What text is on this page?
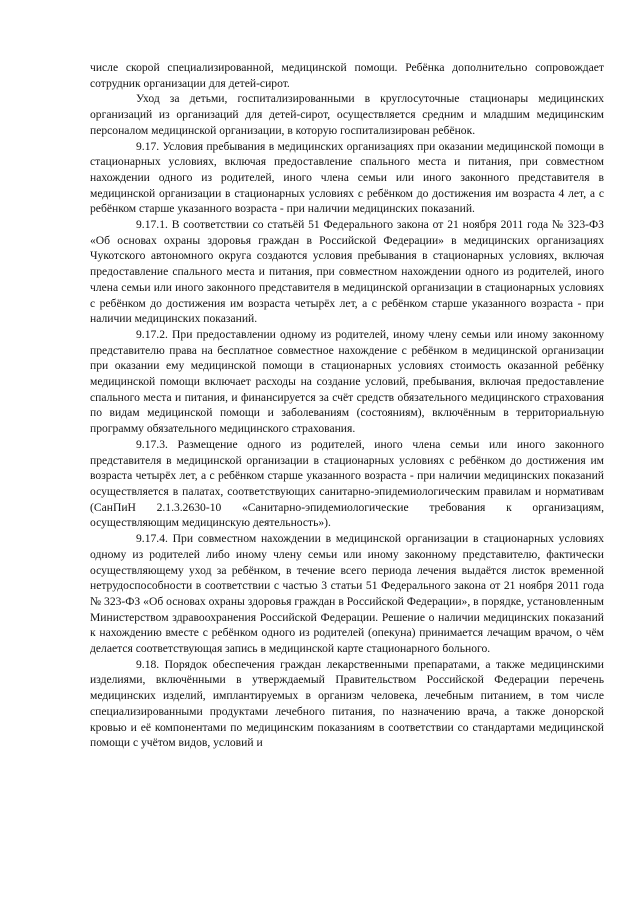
числе скорой специализированной, медицинской помощи. Ребёнка дополнительно сопровождает сотрудник организации для детей-сирот.

Уход за детьми, госпитализированными в круглосуточные стационары медицинских организаций из организаций для детей-сирот, осуществляется средним и младшим медицинским персоналом медицинской организации, в которую госпитализирован ребёнок.

9.17. Условия пребывания в медицинских организациях при оказании медицинской помощи в стационарных условиях, включая предоставление спального места и питания, при совместном нахождении одного из родителей, иного члена семьи или иного законного представителя в медицинской организации в стационарных условиях с ребёнком до достижения им возраста 4 лет, а с ребёнком старше указанного возраста - при наличии медицинских показаний.

9.17.1. В соответствии со статьёй 51 Федерального закона от 21 ноября 2011 года № 323-ФЗ «Об основах охраны здоровья граждан в Российской Федерации» в медицинских организациях Чукотского автономного округа создаются условия пребывания в стационарных условиях, включая предоставление спального места и питания, при совместном нахождении одного из родителей, иного члена семьи или иного законного представителя в медицинской организации в стационарных условиях с ребёнком до достижения им возраста четырёх лет, а с ребёнком старше указанного возраста - при наличии медицинских показаний.

9.17.2. При предоставлении одному из родителей, иному члену семьи или иному законному представителю права на бесплатное совместное нахождение с ребёнком в медицинской организации при оказании ему медицинской помощи в стационарных условиях стоимость оказанной ребёнку медицинской помощи включает расходы на создание условий, пребывания, включая предоставление спального места и питания, и финансируется за счёт средств обязательного медицинского страхования по видам медицинской помощи и заболеваниям (состояниям), включённым в территориальную программу обязательного медицинского страхования.

9.17.3. Размещение одного из родителей, иного члена семьи или иного законного представителя в медицинской организации в стационарных условиях с ребёнком до достижения им возраста четырёх лет, а с ребёнком старше указанного возраста - при наличии медицинских показаний осуществляется в палатах, соответствующих санитарно-эпидемиологическим правилам и нормативам (СанПиН 2.1.3.2630-10 «Санитарно-эпидемиологические требования к организациям, осуществляющим медицинскую деятельность»).

9.17.4. При совместном нахождении в медицинской организации в стационарных условиях одному из родителей либо иному члену семьи или иному законному представителю, фактически осуществляющему уход за ребёнком, в течение всего периода лечения выдаётся листок временной нетрудоспособности в соответствии с частью 3 статьи 51 Федерального закона от 21 ноября 2011 года № 323-ФЗ «Об основах охраны здоровья граждан в Российской Федерации», в порядке, установленным Министерством здравоохранения Российской Федерации. Решение о наличии медицинских показаний к нахождению вместе с ребёнком одного из родителей (опекуна) принимается лечащим врачом, о чём делается соответствующая запись в медицинской карте стационарного больного.

9.18. Порядок обеспечения граждан лекарственными препаратами, а также медицинскими изделиями, включёнными в утверждаемый Правительством Российской Федерации перечень медицинских изделий, имплантируемых в организм человека, лечебным питанием, в том числе специализированными продуктами лечебного питания, по назначению врача, а также донорской кровью и её компонентами по медицинским показаниям в соответствии со стандартами медицинской помощи с учётом видов, условий и
